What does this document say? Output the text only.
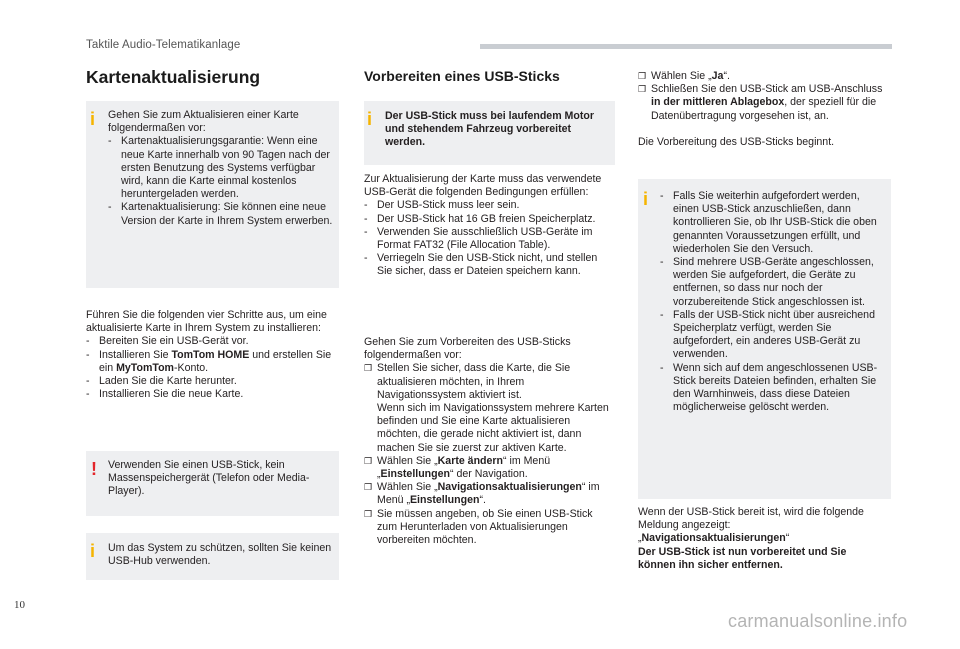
Taktile Audio-Telematikanlage
Kartenaktualisierung
i Gehen Sie zum Aktualisieren einer Karte folgendermaßen vor:

- Kartenaktualisierungsgarantie: Wenn eine neue Karte innerhalb von 90 Tagen nach der ersten Benutzung des Systems verfügbar wird, kann die Karte einmal kostenlos heruntergeladen werden.
- Kartenaktualisierung: Sie können eine neue Version der Karte in Ihrem System erwerben.

Führen Sie die folgenden vier Schritte aus, um eine aktualisierte Karte in Ihrem System zu installieren:

- Bereiten Sie ein USB-Gerät vor.
- Installieren Sie TomTom HOME und erstellen Sie ein MyTomTom-Konto.
- Laden Sie die Karte herunter.
- Installieren Sie die neue Karte.
! Verwenden Sie einen USB-Stick, kein Massenspeichergerät (Telefon oder Media-Player).
i Um das System zu schützen, sollten Sie keinen USB-Hub verwenden.
Vorbereiten eines USB-Sticks
i Der USB-Stick muss bei laufendem Motor und stehendem Fahrzeug vorbereitet werden.

Zur Aktualisierung der Karte muss das verwendete USB-Gerät die folgenden Bedingungen erfüllen:

- Der USB-Stick muss leer sein.
- Der USB-Stick hat 16 GB freien Speicherplatz.
- Verwenden Sie ausschließlich USB-Geräte im Format FAT32 (File Allocation Table).
- Verriegeln Sie den USB-Stick nicht, und stellen Sie sicher, dass er Dateien speichern kann.

Gehen Sie zum Vorbereiten des USB-Sticks folgendermaßen vor:

❒ Stellen Sie sicher, dass die Karte, die Sie aktualisieren möchten, in Ihrem Navigationssystem aktiviert ist.

Wenn sich im Navigationssystem mehrere Karten befinden und Sie eine Karte aktualisieren möchten, die gerade nicht aktiviert ist, dann machen Sie sie zuerst zur aktiven Karte.

❒ Wählen Sie „Karte ändern“ im Menü „Einstellungen“ der Navigation.
❒ Wählen Sie „Navigationsaktualisierungen“ im Menü „Einstellungen“.
❒ Sie müssen angeben, ob Sie einen USB-Stick zum Herunterladen von Aktualisierungen vorbereiten möchten.
❒ Wählen Sie „Ja“.
❒ Schließen Sie den USB-Stick am USB-Anschluss in der mittleren Ablagebox, der speziell für die Datenübertragung vorgesehen ist, an.

Die Vorbereitung des USB-Sticks beginnt.

i
-	Falls Sie weiterhin aufgefordert werden, einen USB-Stick anzuschließen, dann kontrollieren Sie, ob Ihr USB-Stick die oben genannten Voraussetzungen erfüllt, und wiederholen Sie den Versuch.
- Sind mehrere USB-Geräte angeschlossen, werden Sie aufgefordert, die Geräte zu entfernen, so dass nur noch der vorzubereitende Stick angeschlossen ist.
- Falls der USB-Stick nicht über ausreichend Speicherplatz verfügt, werden Sie aufgefordert, ein anderes USB-Gerät zu verwenden.
- Wenn sich auf dem angeschlossenen USB-Stick bereits Dateien befinden, erhalten Sie den Warnhinweis, dass diese Dateien möglicherweise gelöscht werden.

Wenn der USB-Stick bereit ist, wird die folgende Meldung angezeigt:

„Navigationsaktualisierungen“

Der USB-Stick ist nun vorbereitet und Sie können ihn sicher entfernen.

10
carmanualsonline.info
